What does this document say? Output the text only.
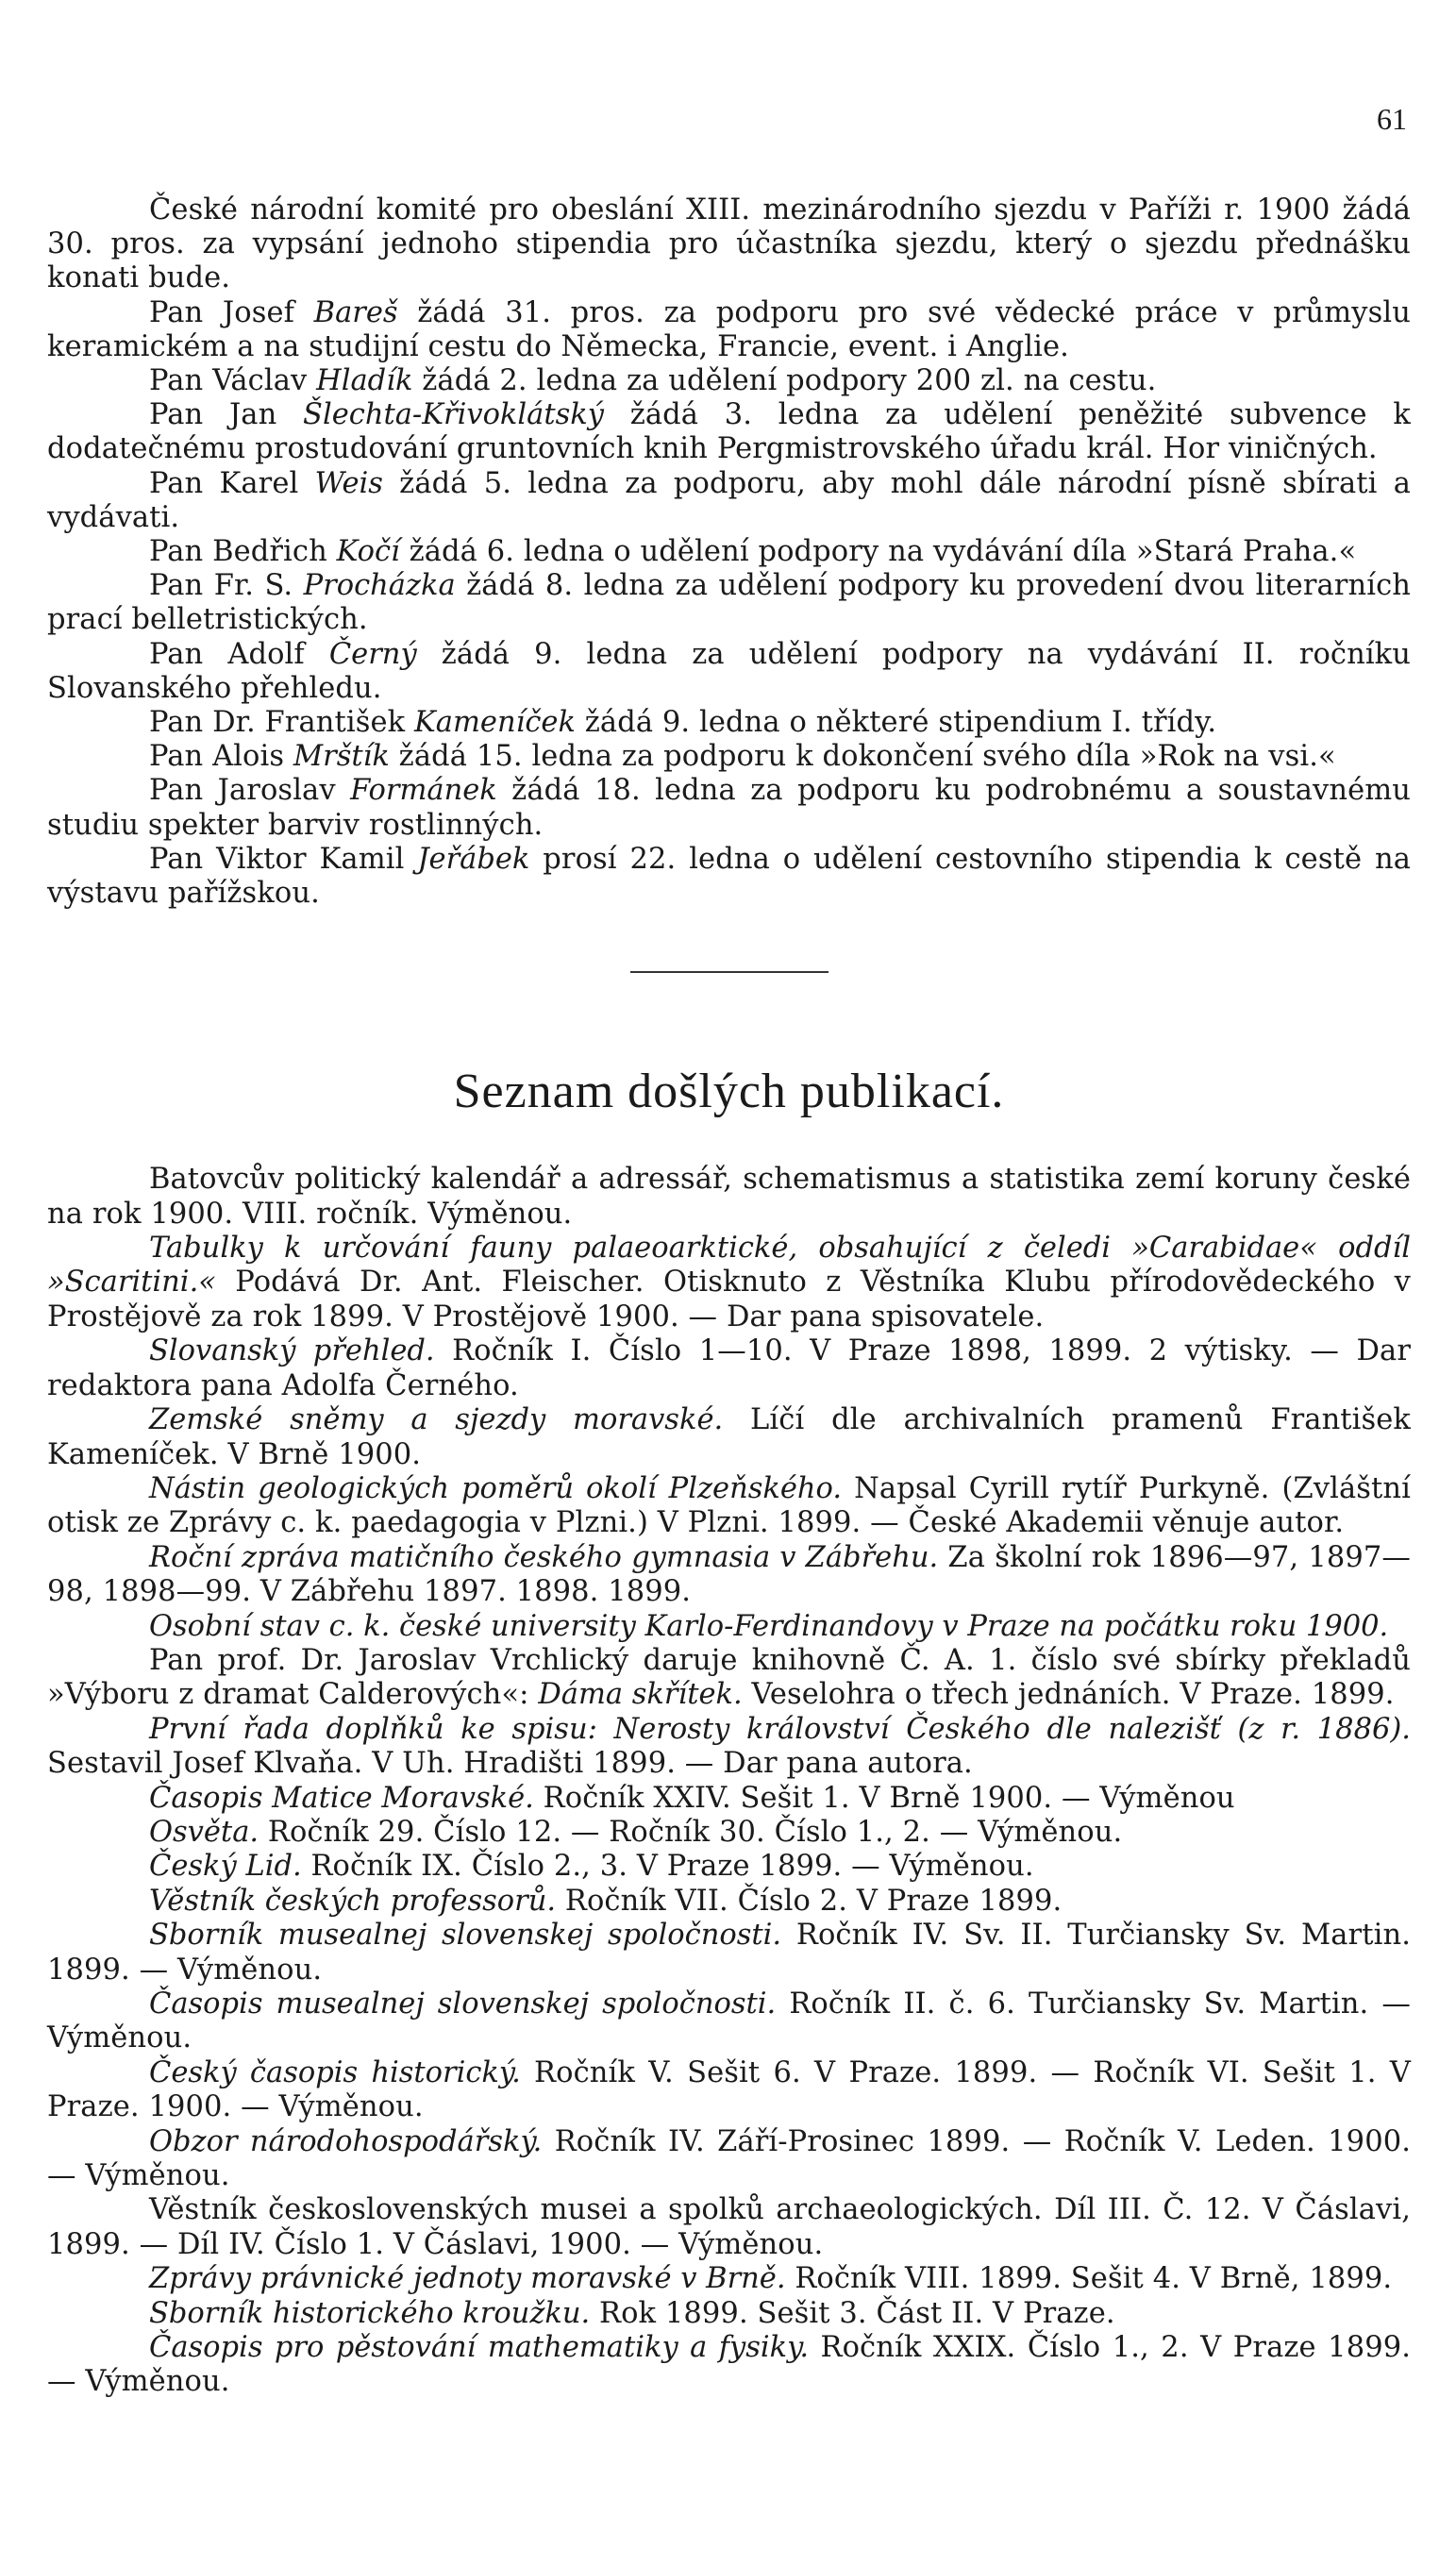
61

České národní komité pro obeslání XIII. mezinárodního sjezdu v Paříži r. 1900 žádá 30. pros. za vypsání jednoho stipendia pro účastníka sjezdu, který o sjezdu přednášku konati bude.

Pan Josef Bareš žádá 31. pros. za podporu pro své vědecké práce v průmyslu keramickém a na studijní cestu do Německa, Francie, event. i Anglie.

Pan Václav Hladík žádá 2. ledna za udělení podpory 200 zl. na cestu.

Pan Jan Šlechta-Křivoklátský žádá 3. ledna za udělení peněžité subvence k dodatečnému prostudování gruntovních knih Pergmistrovského úřadu král. Hor viničných.

Pan Karel Weis žádá 5. ledna za podporu, aby mohl dále národní písně sbírati a vydávati.

Pan Bedřich Kočí žádá 6. ledna o udělení podpory na vydávání díla »Stará Praha.«

Pan Fr. S. Procházka žádá 8. ledna za udělení podpory ku provedení dvou literarních prací belletristických.

Pan Adolf Černý žádá 9. ledna za udělení podpory na vydávání II. ročníku Slovanského přehledu.

Pan Dr. František Kameníček žádá 9. ledna o některé stipendium I. třídy.

Pan Alois Mrštík žádá 15. ledna za podporu k dokončení svého díla »Rok na vsi.«

Pan Jaroslav Formánek žádá 18. ledna za podporu ku podrobnému a soustavnému studiu spekter barviv rostlinných.

Pan Viktor Kamil Jeřábek prosí 22. ledna o udělení cestovního stipendia k cestě na výstavu pařížskou.

Seznam došlých publikací.

Batovcův politický kalendář a adressář, schematismus a statistika zemí koruny české na rok 1900. VIII. ročník. Výměnou.

Tabulky k určování fauny palaeoarktické, obsahující z čeledi »Carabidae« oddíl »Scaritini.« Podává Dr. Ant. Fleischer. Otisknuto z Věstníka Klubu přírodovědeckého v Prostějově za rok 1899. V Prostějově 1900. — Dar pana spisovatele.

Slovanský přehled. Ročník I. Číslo 1—10. V Praze 1898, 1899. 2 výtisky. — Dar redaktora pana Adolfa Černého.

Zemské sněmy a sjezdy moravské. Líčí dle archivalních pramenů František Kameníček. V Brně 1900.

Nástin geologických poměrů okolí Plzeňského. Napsal Cyrill rytíř Purkyně. (Zvláštní otisk ze Zprávy c. k. paedagogia v Plzni.) V Plzni. 1899. — České Akademii věnuje autor.

Roční zpráva matičního českého gymnasia v Zábřehu. Za školní rok 1896—97, 1897—98, 1898—99. V Zábřehu 1897. 1898. 1899.

Osobní stav c. k. české university Karlo-Ferdinandovy v Praze na počátku roku 1900.

Pan prof. Dr. Jaroslav Vrchlický daruje knihovně Č. A. 1. číslo své sbírky překladů »Výboru z dramat Calderových«: Dáma skřítek. Veselohra o třech jednáních. V Praze. 1899.

První řada doplňků ke spisu: Nerosty království Českého dle nalezišť (z r. 1886). Sestavil Josef Klvaňa. V Uh. Hradišti 1899. — Dar pana autora.

Časopis Matice Moravské. Ročník XXIV. Sešit 1. V Brně 1900. — Výměnou

Osvěta. Ročník 29. Číslo 12. — Ročník 30. Číslo 1., 2. — Výměnou.

Český Lid. Ročník IX. Číslo 2., 3. V Praze 1899. — Výměnou.

Věstník českých professorů. Ročník VII. Číslo 2. V Praze 1899.

Sborník musealnej slovenskej spoločnosti. Ročník IV. Sv. II. Turčiansky Sv. Martin. 1899. — Výměnou.

Časopis musealnej slovenskej spoločnosti. Ročník II. č. 6. Turčiansky Sv. Martin. — Výměnou.

Český časopis historický. Ročník V. Sešit 6. V Praze. 1899. — Ročník VI. Sešit 1. V Praze. 1900. — Výměnou.

Obzor národohospodářský. Ročník IV. Září-Prosinec 1899. — Ročník V. Leden. 1900. — Výměnou.

Věstník československých musei a spolků archaeologických. Díl III. Č. 12. V Čáslavi, 1899. — Díl IV. Číslo 1. V Čáslavi, 1900. — Výměnou.

Zprávy právnické jednoty moravské v Brně. Ročník VIII. 1899. Sešit 4. V Brně, 1899.

Sborník historického kroužku. Rok 1899. Sešit 3. Část II. V Praze.

Časopis pro pěstování mathematiky a fysiky. Ročník XXIX. Číslo 1., 2. V Praze 1899. — Výměnou.
